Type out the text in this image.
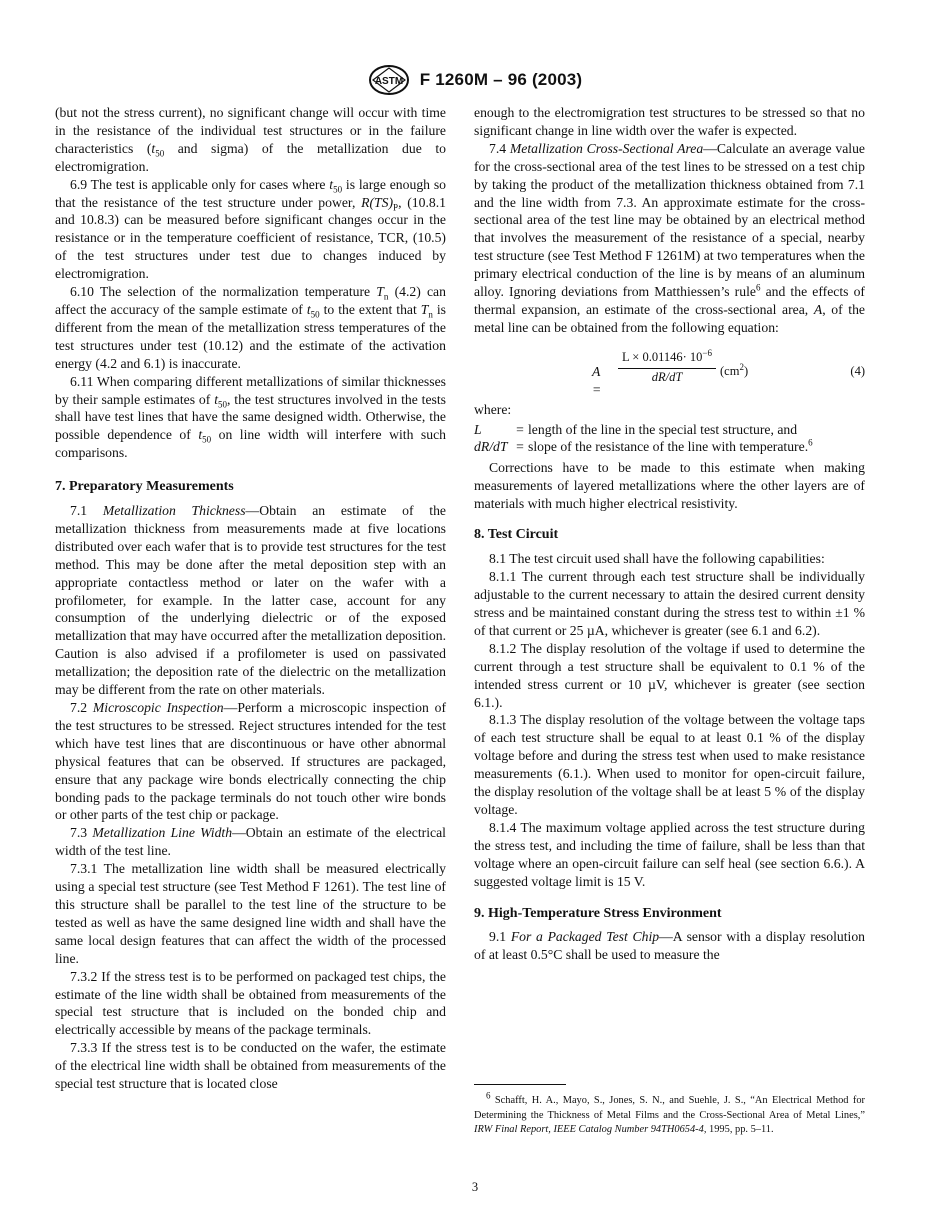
ASTM F 1260M – 96 (2003)

(but not the stress current), no significant change will occur with time in the resistance of the individual test structures or in the failure characteristics ($t_{50}$ and sigma) of the metallization due to electromigration.

6.9 The test is applicable only for cases where $t_{50}$ is large enough so that the resistance of the test structure under power, $R(TS)_P$, (10.8.1 and 10.8.3) can be measured before significant changes occur in the resistance or in the temperature coefficient of resistance, TCR, (10.5) of the test structures under test due to changes induced by electromigration.

6.10 The selection of the normalization temperature $T_n$ (4.2) can affect the accuracy of the sample estimate of $t_{50}$ to the extent that $T_n$ is different from the mean of the metallization stress temperatures of the test structures under test (10.12) and the estimate of the activation energy (4.2 and 6.1) is inaccurate.

6.11 When comparing different metallizations of similar thicknesses by their sample estimates of $t_{50}$, the test structures involved in the tests shall have test lines that have the same designed width. Otherwise, the possible dependence of $t_{50}$ on line width will interfere with such comparisons.

7. Preparatory Measurements

7.1 Metallization Thickness—Obtain an estimate of the metallization thickness from measurements made at five locations distributed over each wafer that is to provide test structures for the test method. This may be done after the metal deposition step with an appropriate contactless method or later on the wafer with a profilometer, for example. In the latter case, account for any consumption of the underlying dielectric or of the exposed metallization that may have occurred after the metallization deposition. Caution is also advised if a profilometer is used on passivated metallization; the deposition rate of the dielectric on the metallization may be different from the rate on other materials.

7.2 Microscopic Inspection—Perform a microscopic inspection of the test structures to be stressed. Reject structures intended for the test which have test lines that are discontinuous or have other abnormal physical features that can be observed. If structures are packaged, ensure that any package wire bonds electrically connecting the chip bonding pads to the package terminals do not touch other wire bonds or other parts of the test chip or package.

7.3 Metallization Line Width—Obtain an estimate of the electrical width of the test line.

7.3.1 The metallization line width shall be measured electrically using a special test structure (see Test Method F 1261). The test line of this structure shall be parallel to the test line of the structure to be tested as well as have the same designed line width and shall have the same local design features that can affect the width of the processed line.

7.3.2 If the stress test is to be performed on packaged test chips, the estimate of the line width shall be obtained from measurements of the special test structure that is included on the bonded chip and electrically accessible by means of the package terminals.

7.3.3 If the stress test is to be conducted on the wafer, the estimate of the electrical line width shall be obtained from measurements of the special test structure that is located close

enough to the electromigration test structures to be stressed so that no significant change in line width over the wafer is expected.

7.4 Metallization Cross-Sectional Area—Calculate an average value for the cross-sectional area of the test lines to be stressed on a test chip by taking the product of the metallization thickness obtained from 7.1 and the line width from 7.3. An approximate estimate for the cross-sectional area of the test line may be obtained by an electrical method that involves the measurement of the resistance of a special, nearby test structure (see Test Method F 1261M) at two temperatures when the primary electrical conduction of the line is by means of an aluminum alloy. Ignoring deviations from Matthiessen’s rule$^6$ and the effects of thermal expansion, an estimate of the cross-sectional area, A, of the metal line can be obtained from the following equation:

A =
$\frac{L \times 0.01146\cdot 10^{-6}}{dR/dT} (cm^2)$	(4)

where:

L	=	length of the line in the special test structure, and
dR/dT	=	slope of the resistance of the line with temperature.$^6$

Corrections have to be made to this estimate when making measurements of layered metallizations where the other layers are of materials with much higher electrical resistivity.

8. Test Circuit

8.1 The test circuit used shall have the following capabilities:

8.1.1 The current through each test structure shall be individually adjustable to the current necessary to attain the desired current density stress and be maintained constant during the stress test to within ±1 % of that current or 25 µA, whichever is greater (see 6.1 and 6.2).

8.1.2 The display resolution of the voltage if used to determine the current through a test structure shall be equivalent to 0.1 % of the intended stress current or 10 µV, whichever is greater (see section 6.1.).

8.1.3 The display resolution of the voltage between the voltage taps of each test structure shall be equal to at least 0.1 % of the display voltage before and during the stress test when used to make resistance measurements (6.1.). When used to monitor for open-circuit failure, the display resolution of the voltage shall be at least 5 % of the display voltage.

8.1.4 The maximum voltage applied across the test structure during the stress test, and including the time of failure, shall be less than that voltage where an open-circuit failure can self heal (see section 6.6.). A suggested voltage limit is 15 V.

9. High-Temperature Stress Environment

9.1 For a Packaged Test Chip—A sensor with a display resolution of at least 0.5°C shall be used to measure the

$^6$ Schafft, H. A., Mayo, S., Jones, S. N., and Suehle, J. S., “An Electrical Method for Determining the Thickness of Metal Films and the Cross-Sectional Area of Metal Lines,” IRW Final Report, IEEE Catalog Number 94TH0654-4, 1995, pp. 5–11.

3
